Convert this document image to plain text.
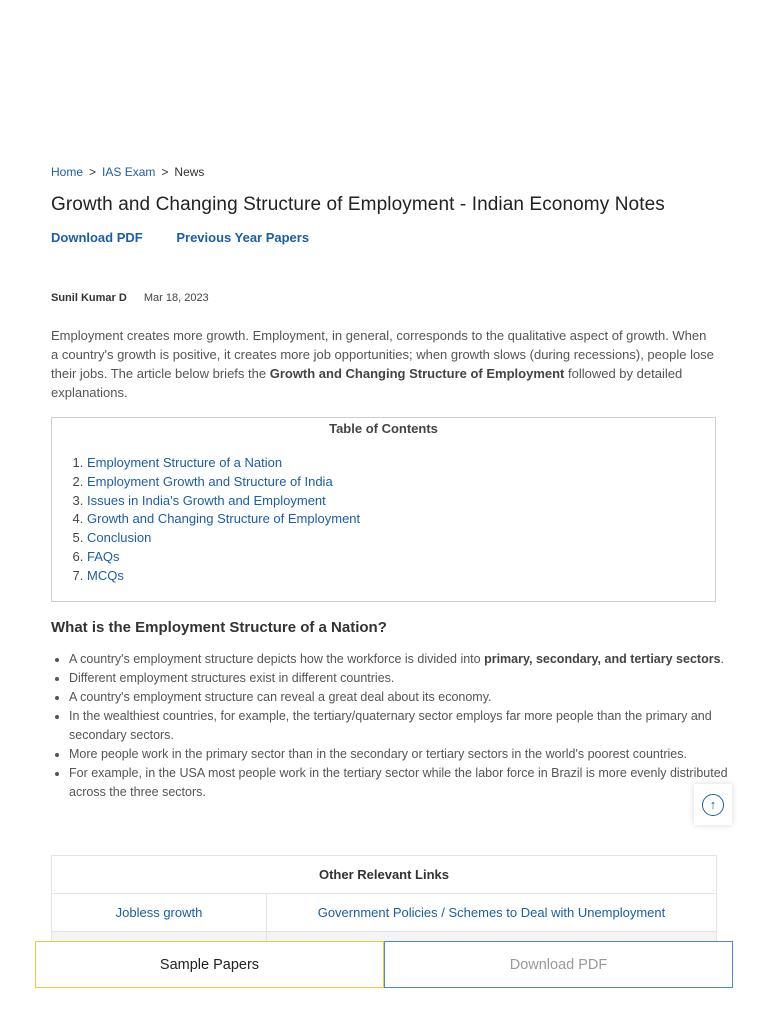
Home > IAS Exam > News
Growth and Changing Structure of Employment - Indian Economy Notes
Download PDF	Previous Year Papers
Sunil Kumar D Mar 18, 2023

Employment creates more growth. Employment, in general, corresponds to the qualitative aspect of growth. When a country's growth is positive, it creates more job opportunities; when growth slows (during recessions), people lose their jobs. The article below briefs the Growth and Changing Structure of Employment followed by detailed explanations.

Table of Contents
1. Employment Structure of a Nation
2. Employment Growth and Structure of India
3. Issues in India's Growth and Employment
4. Growth and Changing Structure of Employment
5. Conclusion
6. FAQs
7. MCQs
What is the Employment Structure of a Nation?
• A country's employment structure depicts how the workforce is divided into primary, secondary, and tertiary sectors.
• Different employment structures exist in different countries.
• A country's employment structure can reveal a great deal about its economy.
• In the wealthiest countries, for example, the tertiary/quaternary sector employs far more people than the primary and secondary sectors.
• More people work in the primary sector than in the secondary or tertiary sectors in the world's poorest countries.
• For example, in the USA most people work in the tertiary sector while the labor force in Brazil is more evenly distributed across the three sectors.
Other Relevant Links	
Jobless growth	Government Policies / Schemes to Deal with Unemployment

↑
Sample Papers	Download PDF
